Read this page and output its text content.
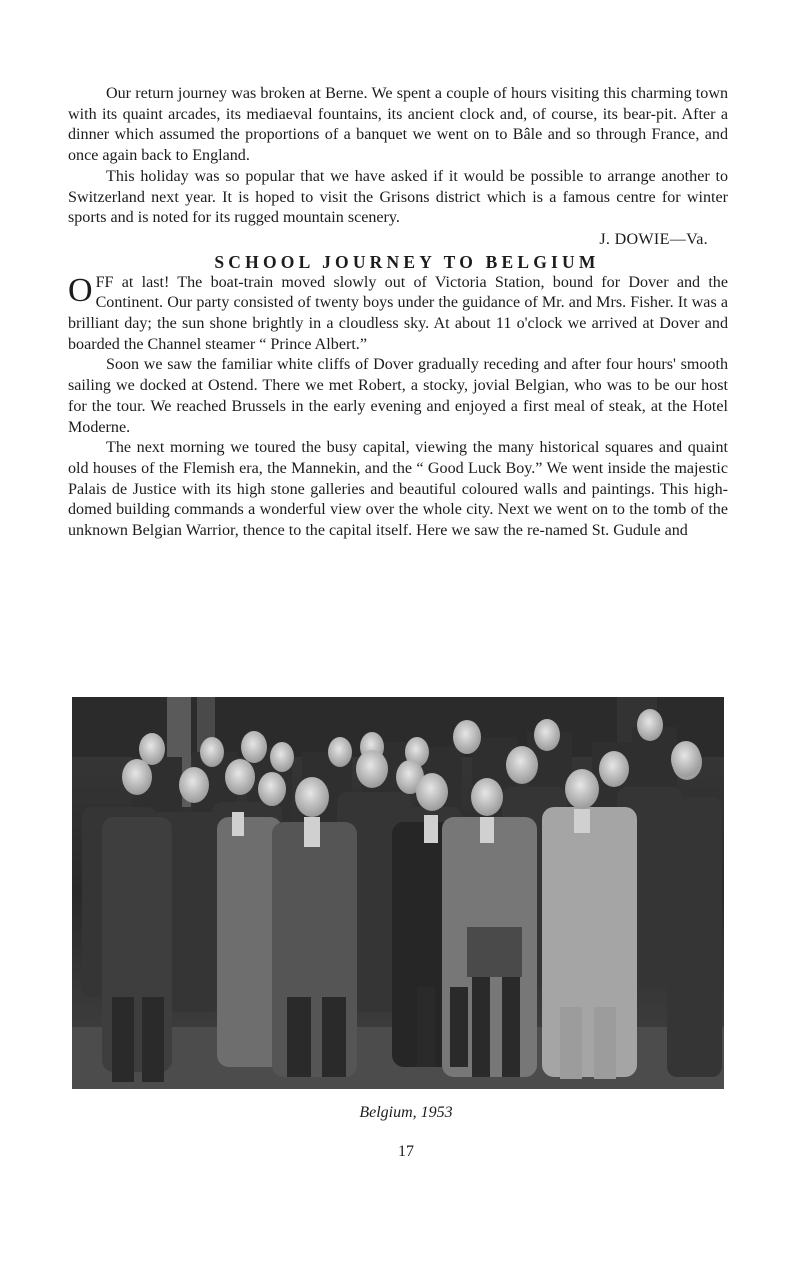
Our return journey was broken at Berne. We spent a couple of hours visiting this charming town with its quaint arcades, its mediaeval fountains, its ancient clock and, of course, its bear-pit. After a dinner which assumed the proportions of a banquet we went on to Bâle and so through France, and once again back to England.

This holiday was so popular that we have asked if it would be possible to arrange another to Switzerland next year. It is hoped to visit the Grisons district which is a famous centre for winter sports and is noted for its rugged mountain scenery.

J. DOWIE—Va.

SCHOOL JOURNEY TO BELGIUM

OFF at last! The boat-train moved slowly out of Victoria Station, bound for Dover and the Continent. Our party consisted of twenty boys under the guidance of Mr. and Mrs. Fisher. It was a brilliant day; the sun shone brightly in a cloudless sky. At about 11 o'clock we arrived at Dover and boarded the Channel steamer “ Prince Albert.”

Soon we saw the familiar white cliffs of Dover gradually receding and after four hours' smooth sailing we docked at Ostend. There we met Robert, a stocky, jovial Belgian, who was to be our host for the tour. We reached Brussels in the early evening and enjoyed a first meal of steak, at the Hotel Moderne.

The next morning we toured the busy capital, viewing the many historical squares and quaint old houses of the Flemish era, the Mannekin, and the “ Good Luck Boy.” We went inside the majestic Palais de Justice with its high stone galleries and beautiful coloured walls and paintings. This high-domed building commands a wonderful view over the whole city. Next we went on to the tomb of the unknown Belgian Warrior, thence to the capital itself. Here we saw the re-named St. Gudule and

Belgium, 1953
17
